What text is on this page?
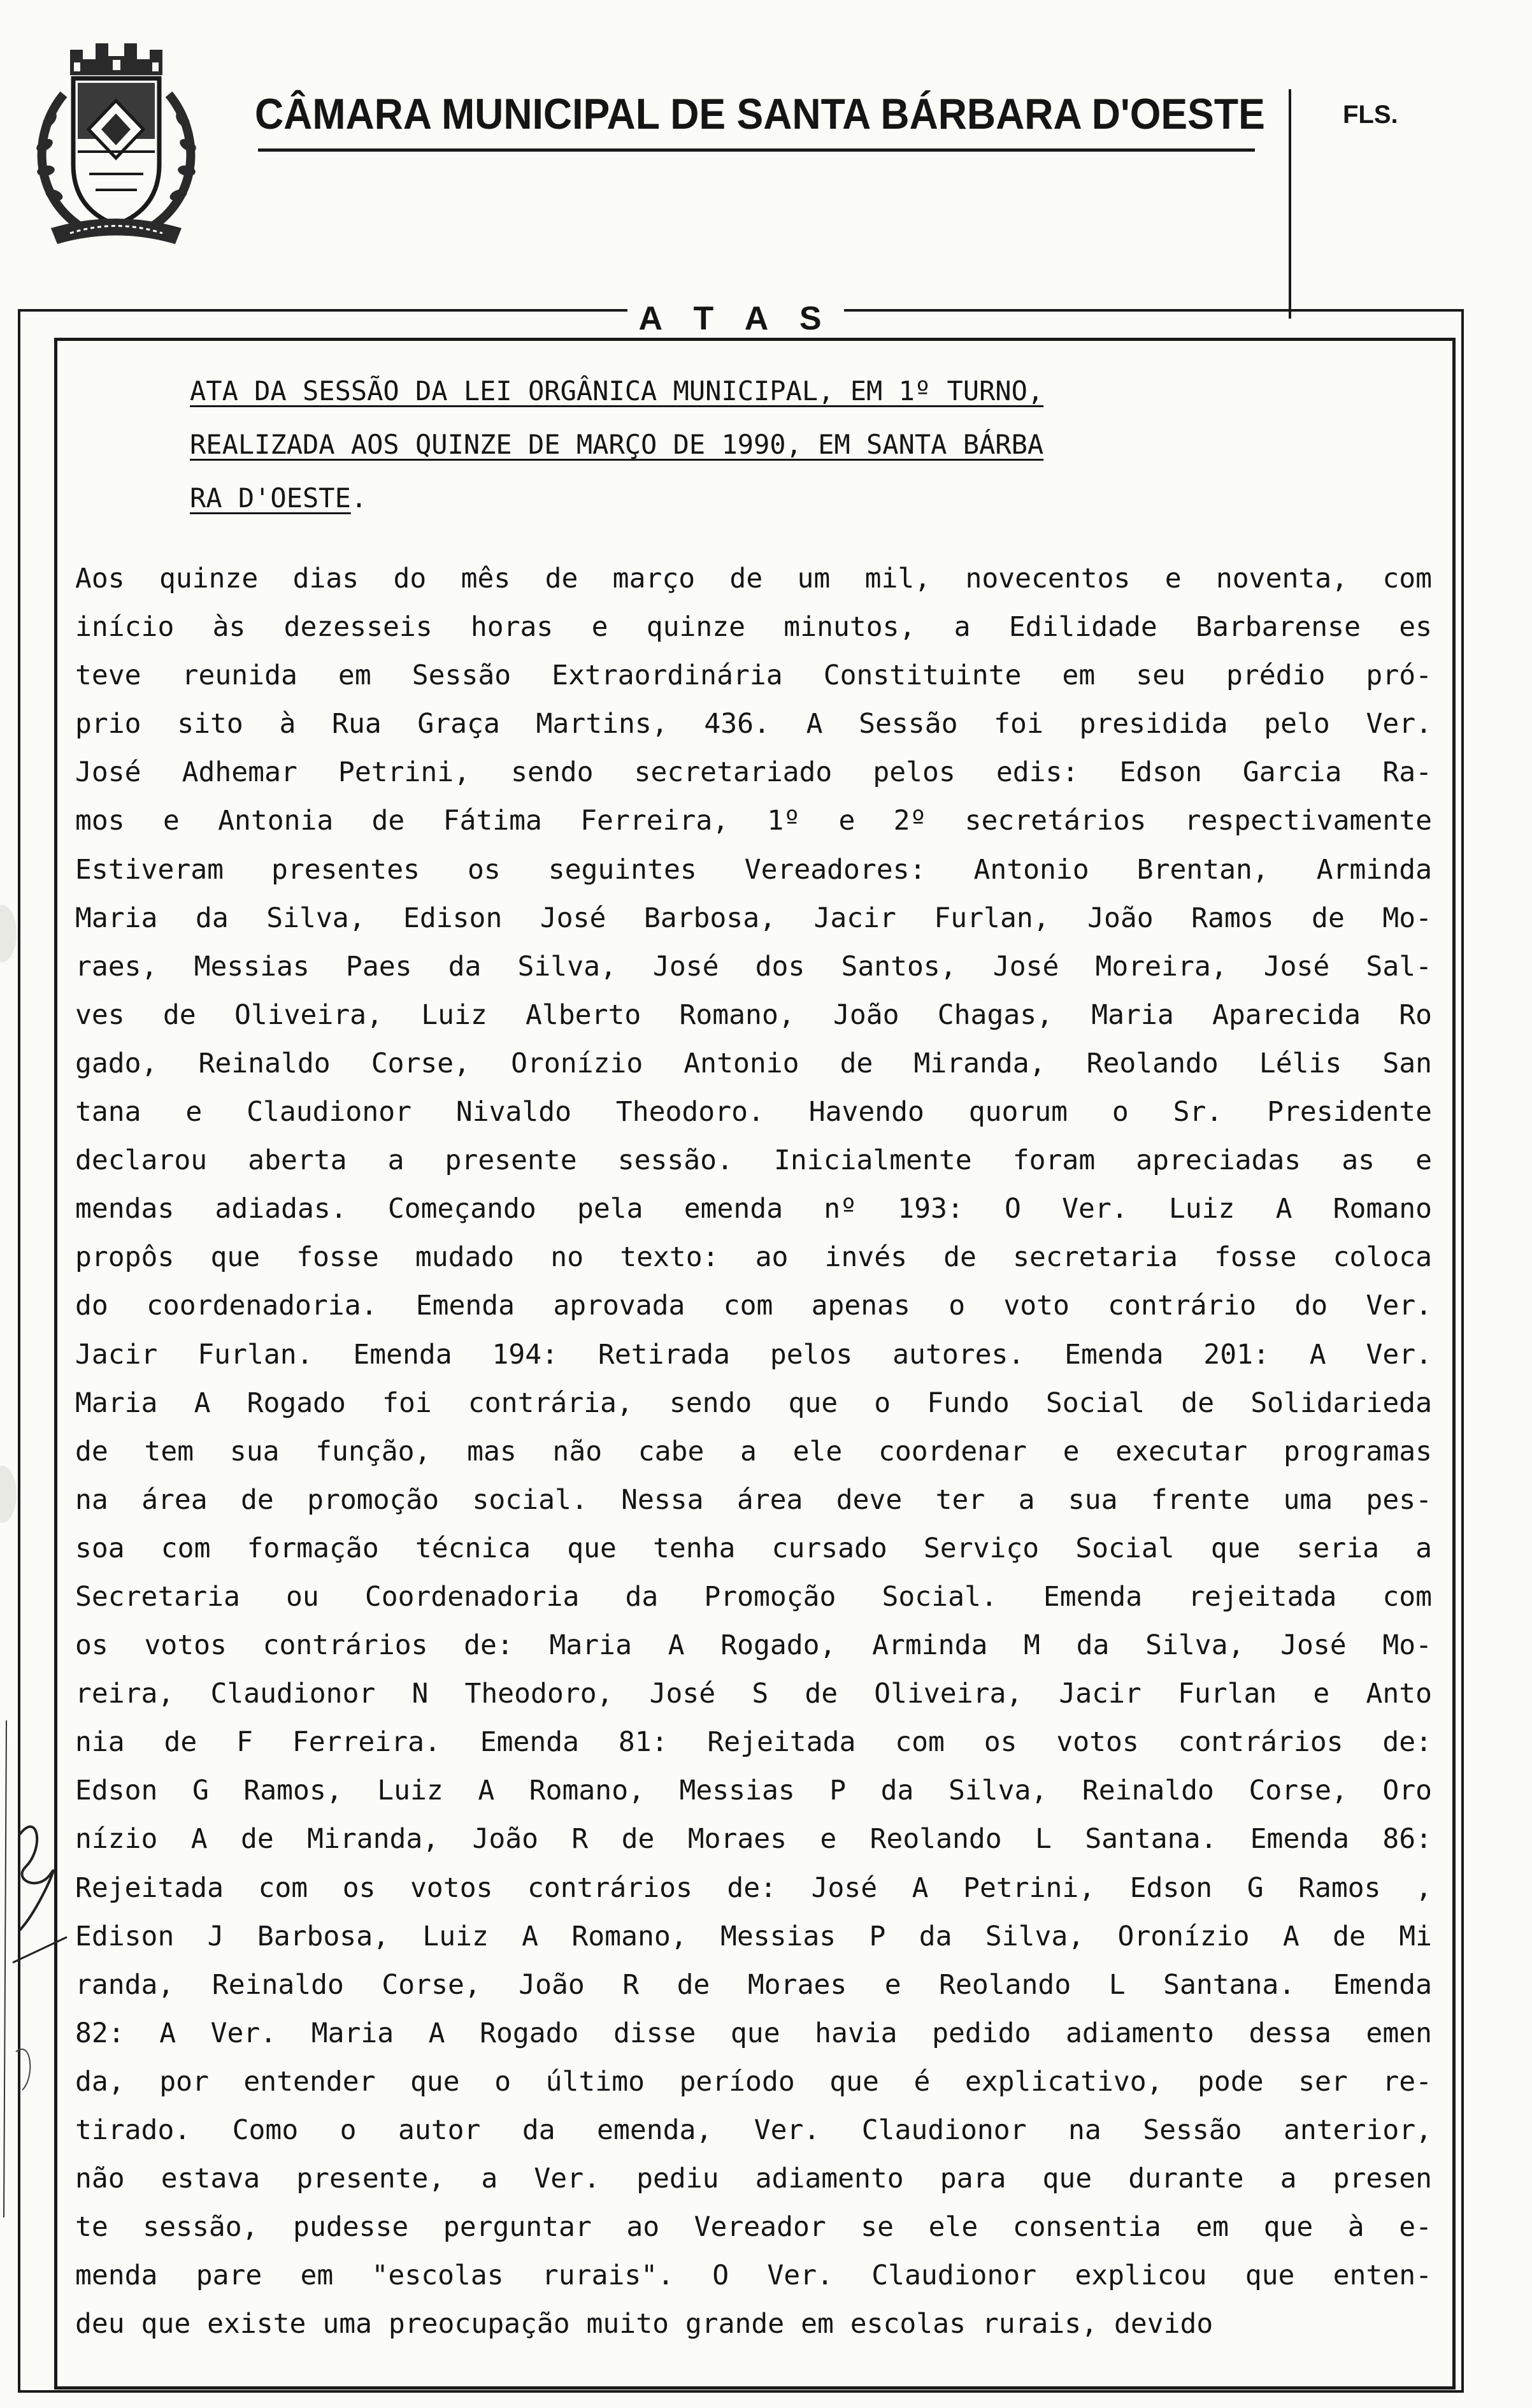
CÂMARA MUNICIPAL DE SANTA BÁRBARA D'OESTE	FLS.
A T A S
ATA DA SESSÃO DA LEI ORGÂNICA MUNICIPAL, EM 1º TURNO,
REALIZADA AOS QUINZE DE MARÇO DE 1990, EM SANTA BÁRBA
RA D'OESTE.
Aos quinze dias do mês de março de um mil, novecentos e noventa, com
início às dezesseis horas e quinze minutos, a Edilidade Barbarense es
teve reunida em Sessão Extraordinária Constituinte em seu prédio pró-
prio sito à Rua Graça Martins, 436. A Sessão foi presidida pelo Ver.
José Adhemar Petrini, sendo secretariado pelos edis: Edson Garcia Ra-
mos e Antonia de Fátima Ferreira, 1º e 2º secretários respectivamente
Estiveram presentes os seguintes Vereadores: Antonio Brentan, Arminda
Maria da Silva, Edison José Barbosa, Jacir Furlan, João Ramos de Mo-
raes, Messias Paes da Silva, José dos Santos, José Moreira, José Sal-
ves de Oliveira, Luiz Alberto Romano, João Chagas, Maria Aparecida Ro
gado, Reinaldo Corse, Oronízio Antonio de Miranda, Reolando Lélis San
tana e Claudionor Nivaldo Theodoro. Havendo quorum o Sr. Presidente
declarou aberta a presente sessão. Inicialmente foram apreciadas as e
mendas adiadas. Começando pela emenda nº 193: O Ver. Luiz A Romano
propôs que fosse mudado no texto: ao invés de secretaria fosse coloca
do coordenadoria. Emenda aprovada com apenas o voto contrário do Ver.
Jacir Furlan. Emenda 194: Retirada pelos autores. Emenda 201: A Ver.
Maria A Rogado foi contrária, sendo que o Fundo Social de Solidarieda
de tem sua função, mas não cabe a ele coordenar e executar programas
na área de promoção social. Nessa área deve ter a sua frente uma pes-
soa com formação técnica que tenha cursado Serviço Social que seria a
Secretaria ou Coordenadoria da Promoção Social. Emenda rejeitada com
os votos contrários de: Maria A Rogado, Arminda M da Silva, José Mo-
reira, Claudionor N Theodoro, José S de Oliveira, Jacir Furlan e Anto
nia de F Ferreira. Emenda 81: Rejeitada com os votos contrários de:
Edson G Ramos, Luiz A Romano, Messias P da Silva, Reinaldo Corse, Oro
nízio A de Miranda, João R de Moraes e Reolando L Santana. Emenda 86:
Rejeitada com os votos contrários de: José A Petrini, Edson G Ramos ,
Edison J Barbosa, Luiz A Romano, Messias P da Silva, Oronízio A de Mi
randa, Reinaldo Corse, João R de Moraes e Reolando L Santana. Emenda
82: A Ver. Maria A Rogado disse que havia pedido adiamento dessa emen
da, por entender que o último período que é explicativo, pode ser re-
tirado. Como o autor da emenda, Ver. Claudionor na Sessão anterior,
não estava presente, a Ver. pediu adiamento para que durante a presen
te sessão, pudesse perguntar ao Vereador se ele consentia em que à e-
menda pare em "escolas rurais". O Ver. Claudionor explicou que enten-
deu que existe uma preocupação muito grande em escolas rurais, devido
